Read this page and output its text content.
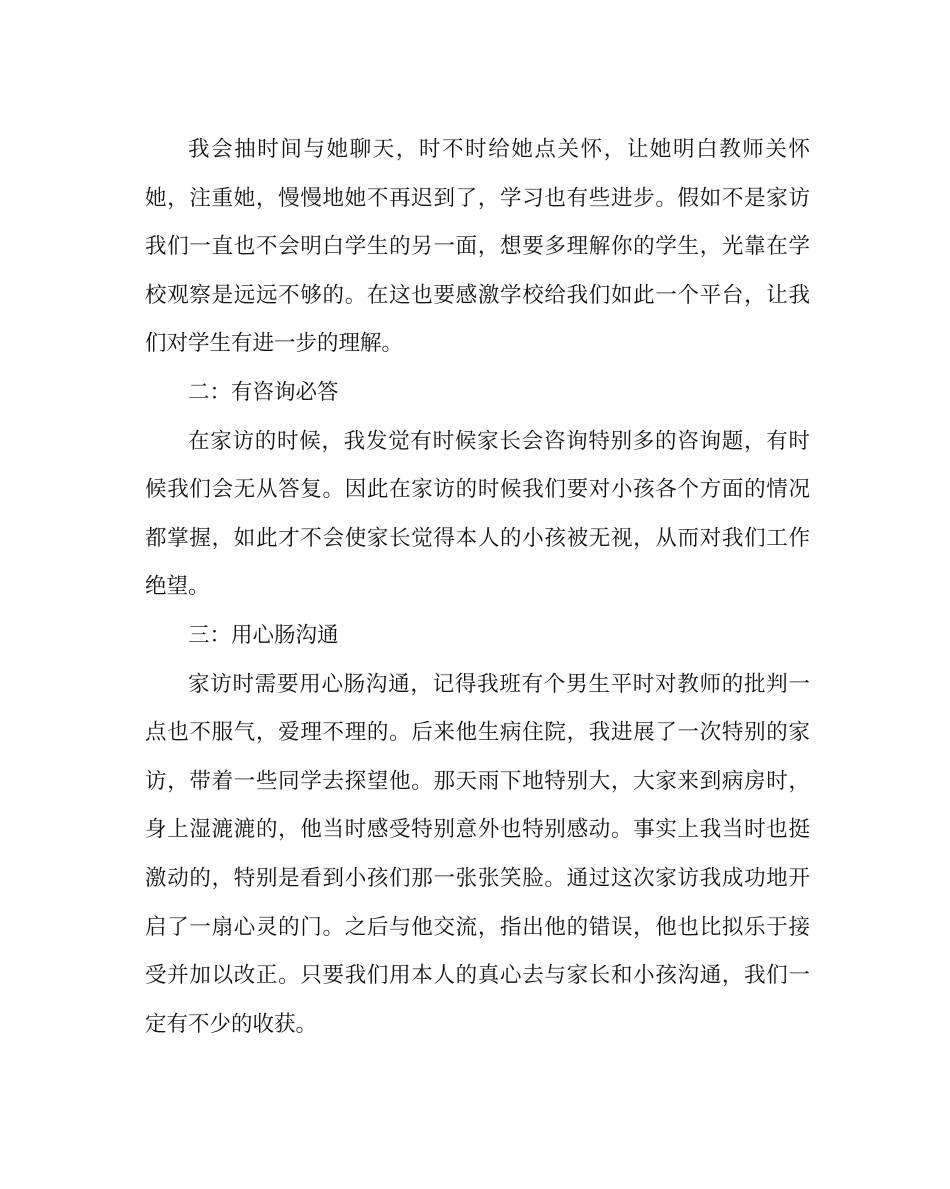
我会抽时间与她聊天，时不时给她点关怀，让她明白教师关怀她，注重她，慢慢地她不再迟到了，学习也有些进步。假如不是家访我们一直也不会明白学生的另一面，想要多理解你的学生，光靠在学校观察是远远不够的。在这也要感激学校给我们如此一个平台，让我们对学生有进一步的理解。

二：有咨询必答

在家访的时候，我发觉有时候家长会咨询特别多的咨询题，有时候我们会无从答复。因此在家访的时候我们要对小孩各个方面的情况都掌握，如此才不会使家长觉得本人的小孩被无视，从而对我们工作绝望。

三：用心肠沟通

家访时需要用心肠沟通，记得我班有个男生平时对教师的批判一点也不服气，爱理不理的。后来他生病住院，我进展了一次特别的家访，带着一些同学去探望他。那天雨下地特别大，大家来到病房时，身上湿漉漉的，他当时感受特别意外也特别感动。事实上我当时也挺激动的，特别是看到小孩们那一张张笑脸。通过这次家访我成功地开启了一扇心灵的门。之后与他交流，指出他的错误，他也比拟乐于接受并加以改正。只要我们用本人的真心去与家长和小孩沟通，我们一定有不少的收获。
